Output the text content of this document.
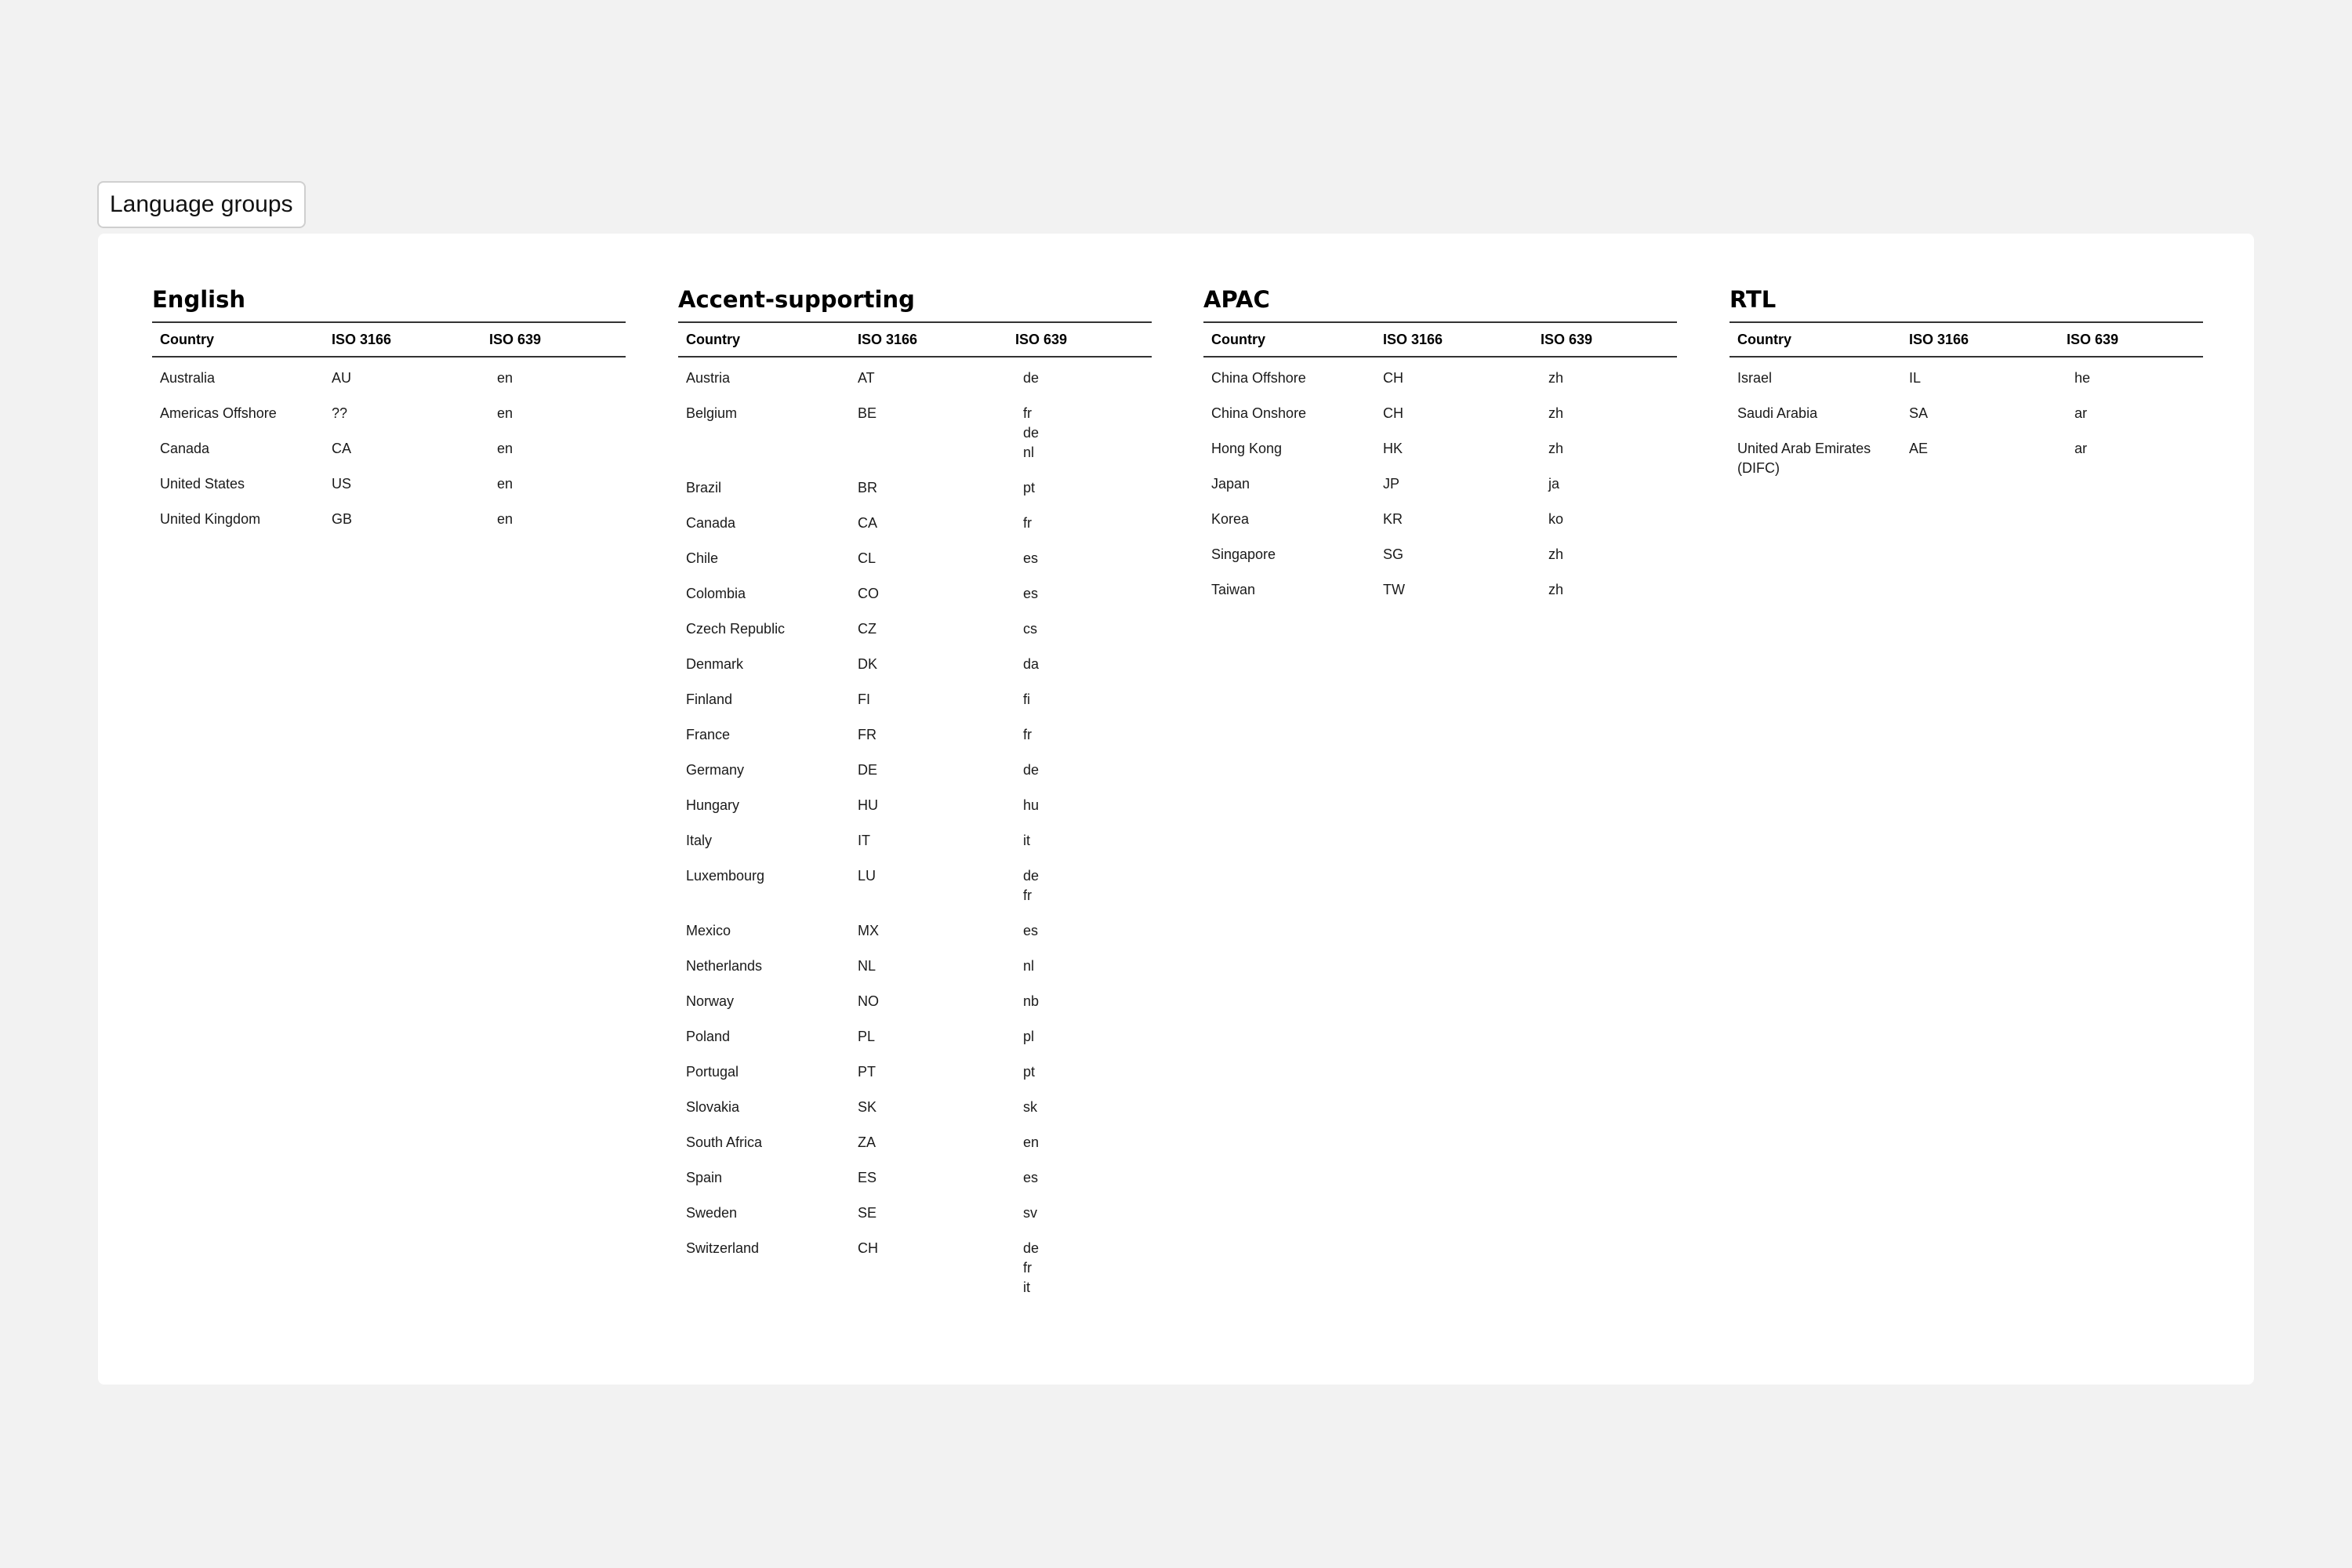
Language groups
English
Country	ISO 3166	ISO 639
Australia	AU	en

Americas Offshore	??	en

Canada	CA	en

United States	US	en

United Kingdom	GB	en
Accent-supporting
Country	ISO 3166	ISO 639
Austria	AT	de

Belgium	BE	fr
de
nl

Brazil	BR	pt

Canada	CA	fr

Chile	CL	es

Colombia	CO	es

Czech Republic	CZ	cs

Denmark	DK	da

Finland	FI	fi

France	FR	fr

Germany	DE	de

Hungary	HU	hu

Italy	IT	it

Luxembourg	LU	de
fr

Mexico	MX	es

Netherlands	NL	nl

Norway	NO	nb

Poland	PL	pl

Portugal	PT	pt

Slovakia	SK	sk

South Africa	ZA	en

Spain	ES	es

Sweden	SE	sv

Switzerland	CH	de
fr
it
APAC
Country	ISO 3166	ISO 639
China Offshore	CH	zh

China Onshore	CH	zh

Hong Kong	HK	zh

Japan	JP	ja

Korea	KR	ko

Singapore	SG	zh

Taiwan	TW	zh
RTL
Country	ISO 3166	ISO 639
Israel	IL	he

Saudi Arabia	SA	ar

United Arab Emirates (DIFC)	AE	ar
